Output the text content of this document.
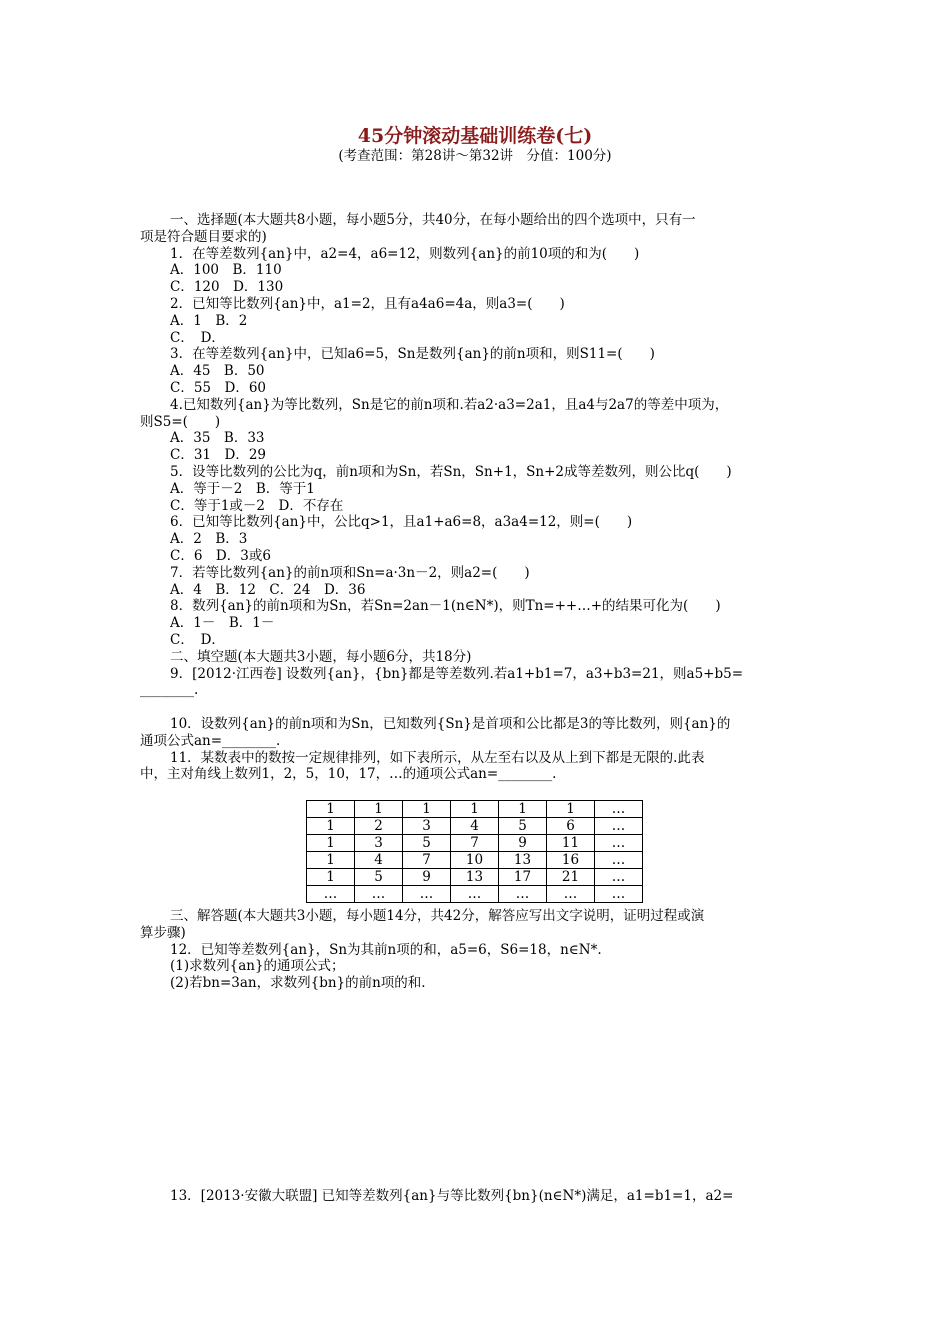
45分钟滚动基础训练卷(七)
(考查范围：第28讲～第32讲　分值：100分)
一、选择题(本大题共8小题，每小题5分，共40分，在每小题给出的四个选项中，只有一
项是符合题目要求的)
1．在等差数列{an}中，a2=4，a6=12，则数列{an}的前10项的和为(　　)
A．100　B．110
C．120　D．130
2．已知等比数列{an}中，a1=2，且有a4a6=4a，则a3=(　　)
A．1　B．2
C．　D．
3．在等差数列{an}中，已知a6=5，Sn是数列{an}的前n项和，则S11=(　　)
A．45　B．50
C．55　D．60
4.已知数列{an}为等比数列，Sn是它的前n项和.若a2·a3=2a1，且a4与2a7的等差中项为，
则S5=(　　)
A．35　B．33
C．31　D．29
5．设等比数列的公比为q，前n项和为Sn，若Sn，Sn+1，Sn+2成等差数列，则公比q(　　)
A．等于－2　B．等于1
C．等于1或－2　D．不存在
6．已知等比数列{an}中，公比q>1，且a1+a6=8，a3a4=12，则=(　　)
A．2　B．3
C．6　D．3或6
7．若等比数列{an}的前n项和Sn=a·3n－2，则a2=(　　)
A．4　B．12　C．24　D．36
8．数列{an}的前n项和为Sn，若Sn=2an－1(n∈N*)，则Tn=++…+的结果可化为(　　)
A．1－　B．1－
C．　D．
二、填空题(本大题共3小题，每小题6分，共18分)
9．[2012·江西卷] 设数列{an}，{bn}都是等差数列.若a1+b1=7，a3+b3=21，则a5+b5=
________.
10．设数列{an}的前n项和为Sn，已知数列{Sn}是首项和公比都是3的等比数列，则{an}的
通项公式an=________.
11．某数表中的数按一定规律排列，如下表所示，从左至右以及从上到下都是无限的.此表
中，主对角线上数列1，2，5，10，17，…的通项公式an=________.
1	1	1	1	1	1	…
1	2	3	4	5	6	…
1	3	5	7	9	11	…
1	4	7	10	13	16	…
1	5	9	13	17	21	…
…	…	…	…	…	…	…
三、解答题(本大题共3小题，每小题14分，共42分，解答应写出文字说明，证明过程或演
算步骤)
12．已知等差数列{an}，Sn为其前n项的和，a5=6，S6=18，n∈N*.
(1)求数列{an}的通项公式；
(2)若bn=3an，求数列{bn}的前n项的和.
13．[2013·安徽大联盟] 已知等差数列{an}与等比数列{bn}(n∈N*)满足，a1=b1=1，a2=
